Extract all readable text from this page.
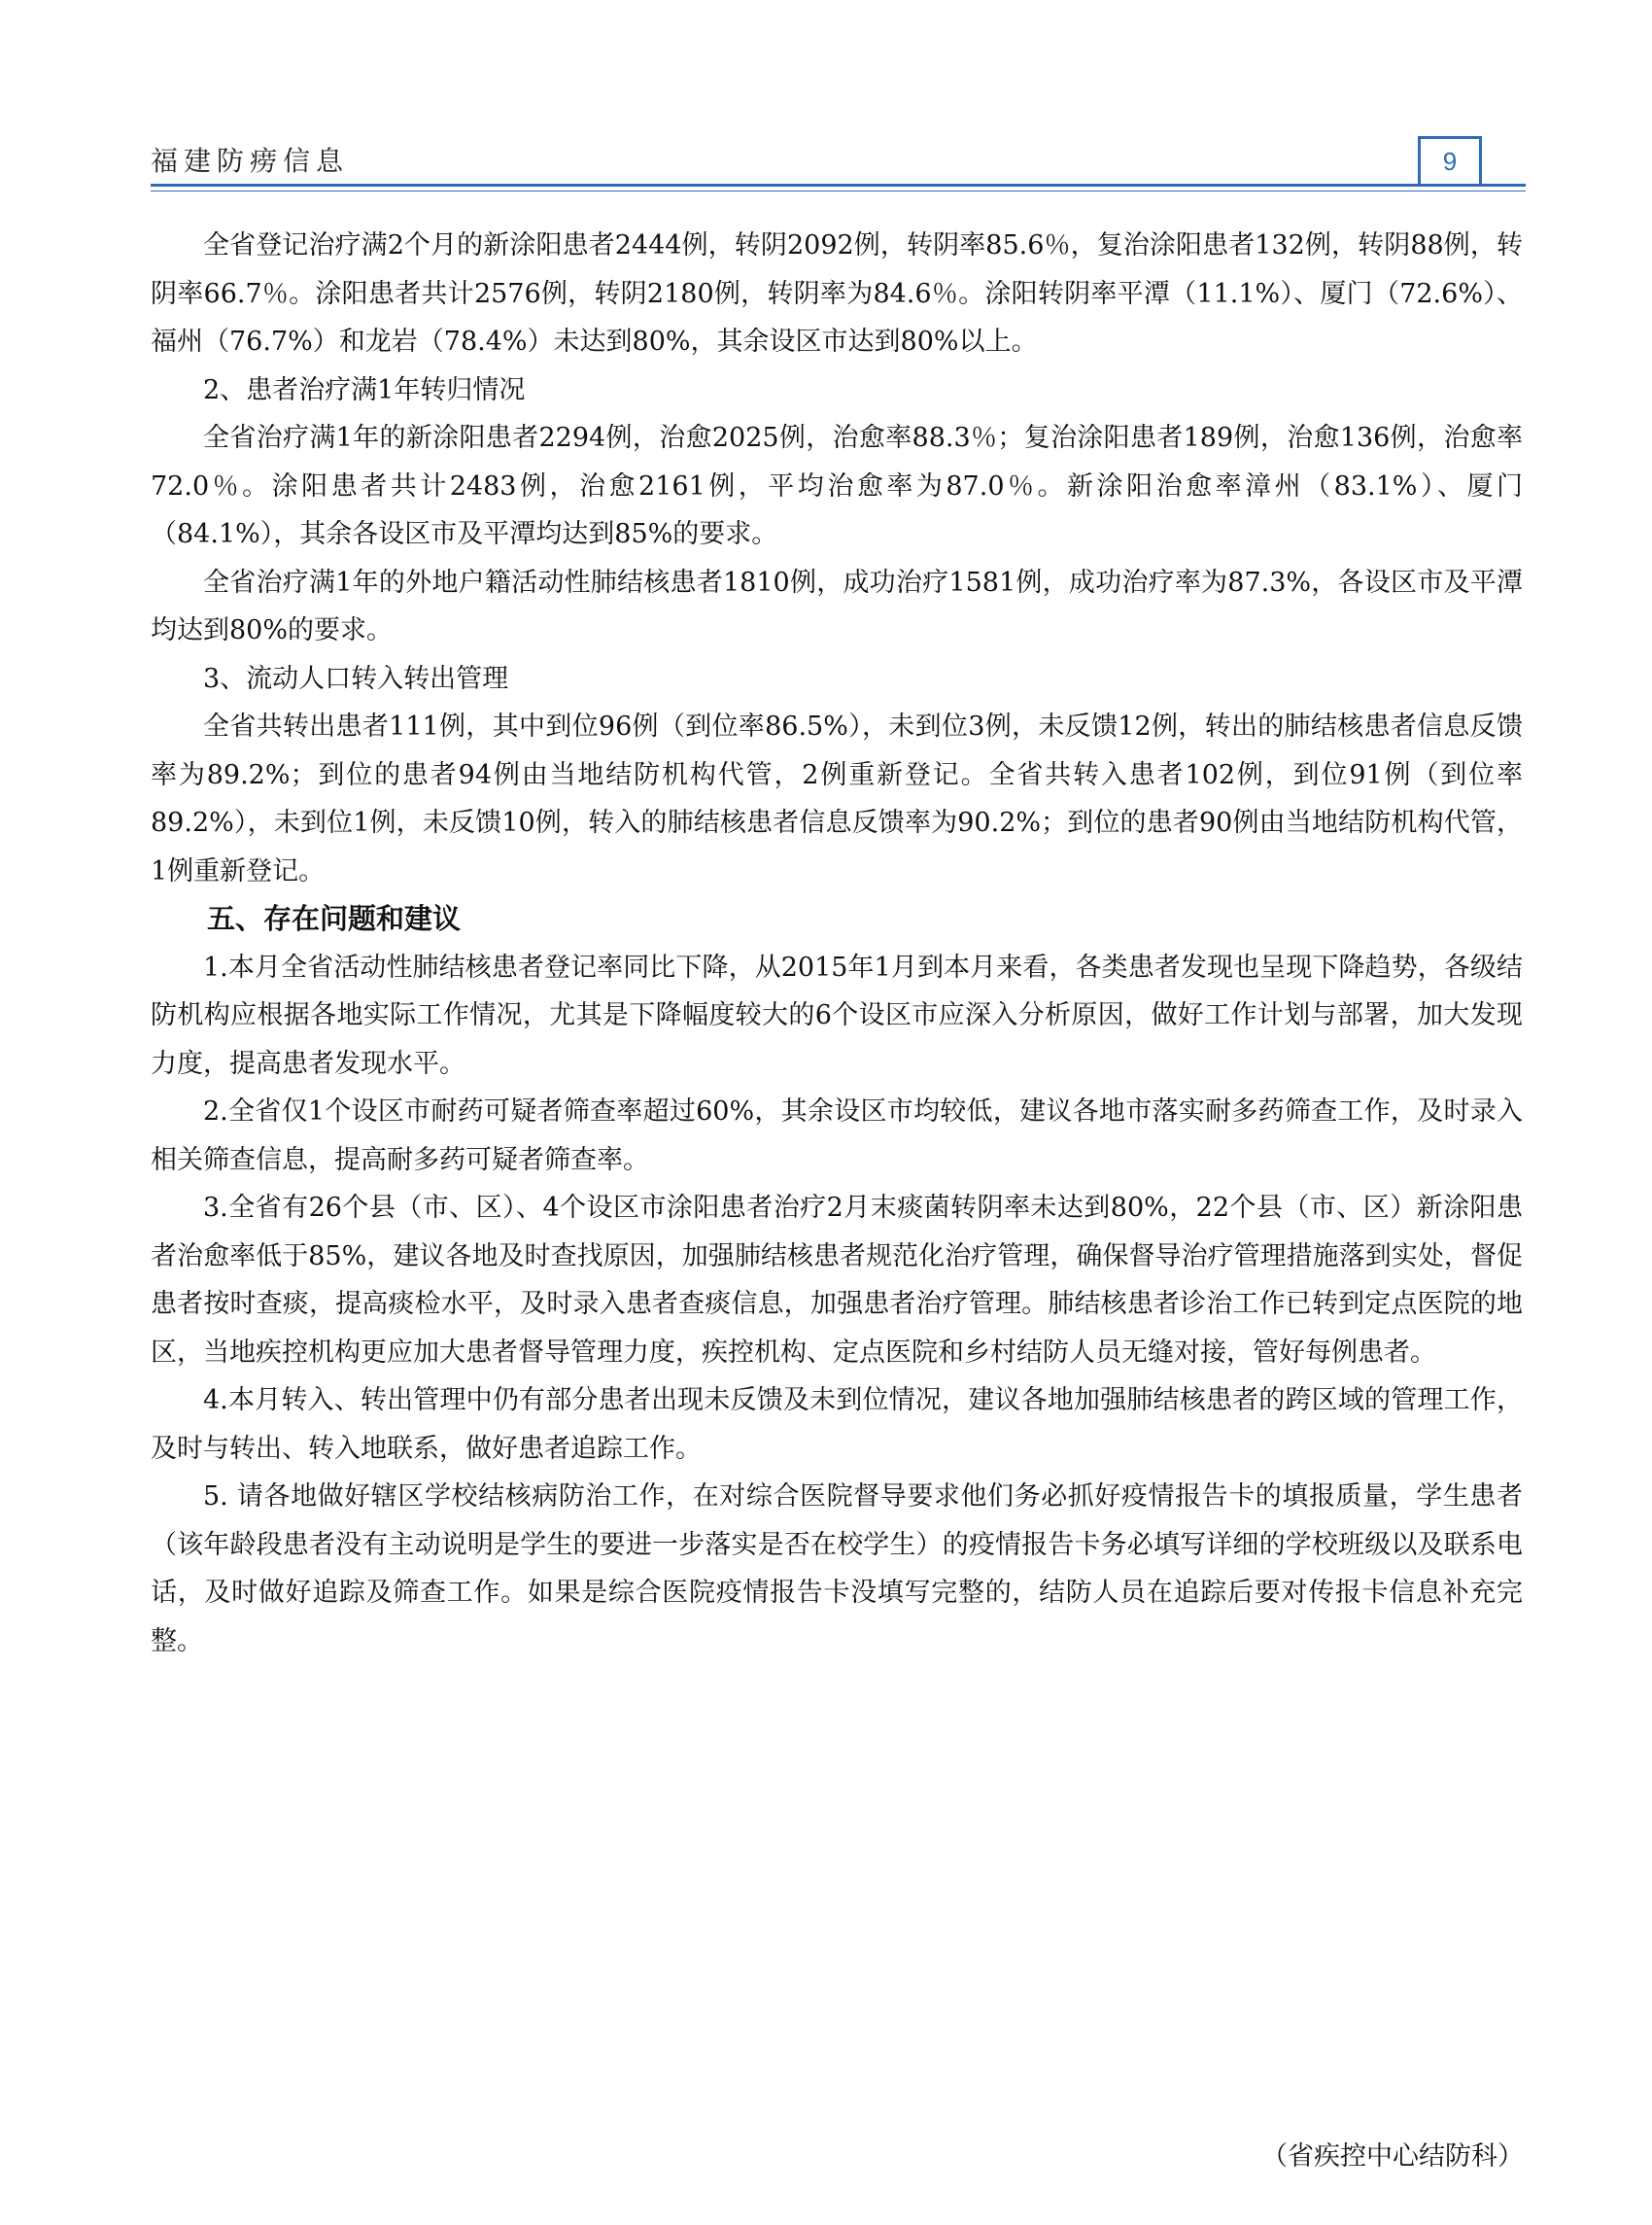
福建防痨信息	9

全省登记治疗满2个月的新涂阳患者2444例，转阴2092例，转阴率85.6％，复治涂阳患者132例，转阴88例，转阴率66.7％。涂阳患者共计2576例，转阴2180例，转阴率为84.6％。涂阳转阴率平潭（11.1%）、厦门（72.6%）、福州（76.7%）和龙岩（78.4%）未达到80%，其余设区市达到80%以上。

2、患者治疗满1年转归情况

全省治疗满1年的新涂阳患者2294例，治愈2025例，治愈率88.3％；复治涂阳患者189例，治愈136例，治愈率72.0％。涂阳患者共计2483例，治愈2161例，平均治愈率为87.0％。新涂阳治愈率漳州（83.1%）、厦门（84.1%），其余各设区市及平潭均达到85%的要求。

全省治疗满1年的外地户籍活动性肺结核患者1810例，成功治疗1581例，成功治疗率为87.3%，各设区市及平潭均达到80%的要求。

3、流动人口转入转出管理

全省共转出患者111例，其中到位96例（到位率86.5%），未到位3例，未反馈12例，转出的肺结核患者信息反馈率为89.2%；到位的患者94例由当地结防机构代管，2例重新登记。全省共转入患者102例，到位91例（到位率89.2%），未到位1例，未反馈10例，转入的肺结核患者信息反馈率为90.2%；到位的患者90例由当地结防机构代管，1例重新登记。

五、存在问题和建议

1.本月全省活动性肺结核患者登记率同比下降，从2015年1月到本月来看，各类患者发现也呈现下降趋势，各级结防机构应根据各地实际工作情况，尤其是下降幅度较大的6个设区市应深入分析原因，做好工作计划与部署，加大发现力度，提高患者发现水平。

2.全省仅1个设区市耐药可疑者筛查率超过60%，其余设区市均较低，建议各地市落实耐多药筛查工作，及时录入相关筛查信息，提高耐多药可疑者筛查率。

3.全省有26个县（市、区）、4个设区市涂阳患者治疗2月末痰菌转阴率未达到80%，22个县（市、区）新涂阳患者治愈率低于85%，建议各地及时查找原因，加强肺结核患者规范化治疗管理，确保督导治疗管理措施落到实处，督促患者按时查痰，提高痰检水平，及时录入患者查痰信息，加强患者治疗管理。肺结核患者诊治工作已转到定点医院的地区，当地疾控机构更应加大患者督导管理力度，疾控机构、定点医院和乡村结防人员无缝对接，管好每例患者。

4.本月转入、转出管理中仍有部分患者出现未反馈及未到位情况，建议各地加强肺结核患者的跨区域的管理工作，及时与转出、转入地联系，做好患者追踪工作。

5. 请各地做好辖区学校结核病防治工作，在对综合医院督导要求他们务必抓好疫情报告卡的填报质量，学生患者（该年龄段患者没有主动说明是学生的要进一步落实是否在校学生）的疫情报告卡务必填写详细的学校班级以及联系电话，及时做好追踪及筛查工作。如果是综合医院疫情报告卡没填写完整的，结防人员在追踪后要对传报卡信息补充完整。

（省疾控中心结防科）
